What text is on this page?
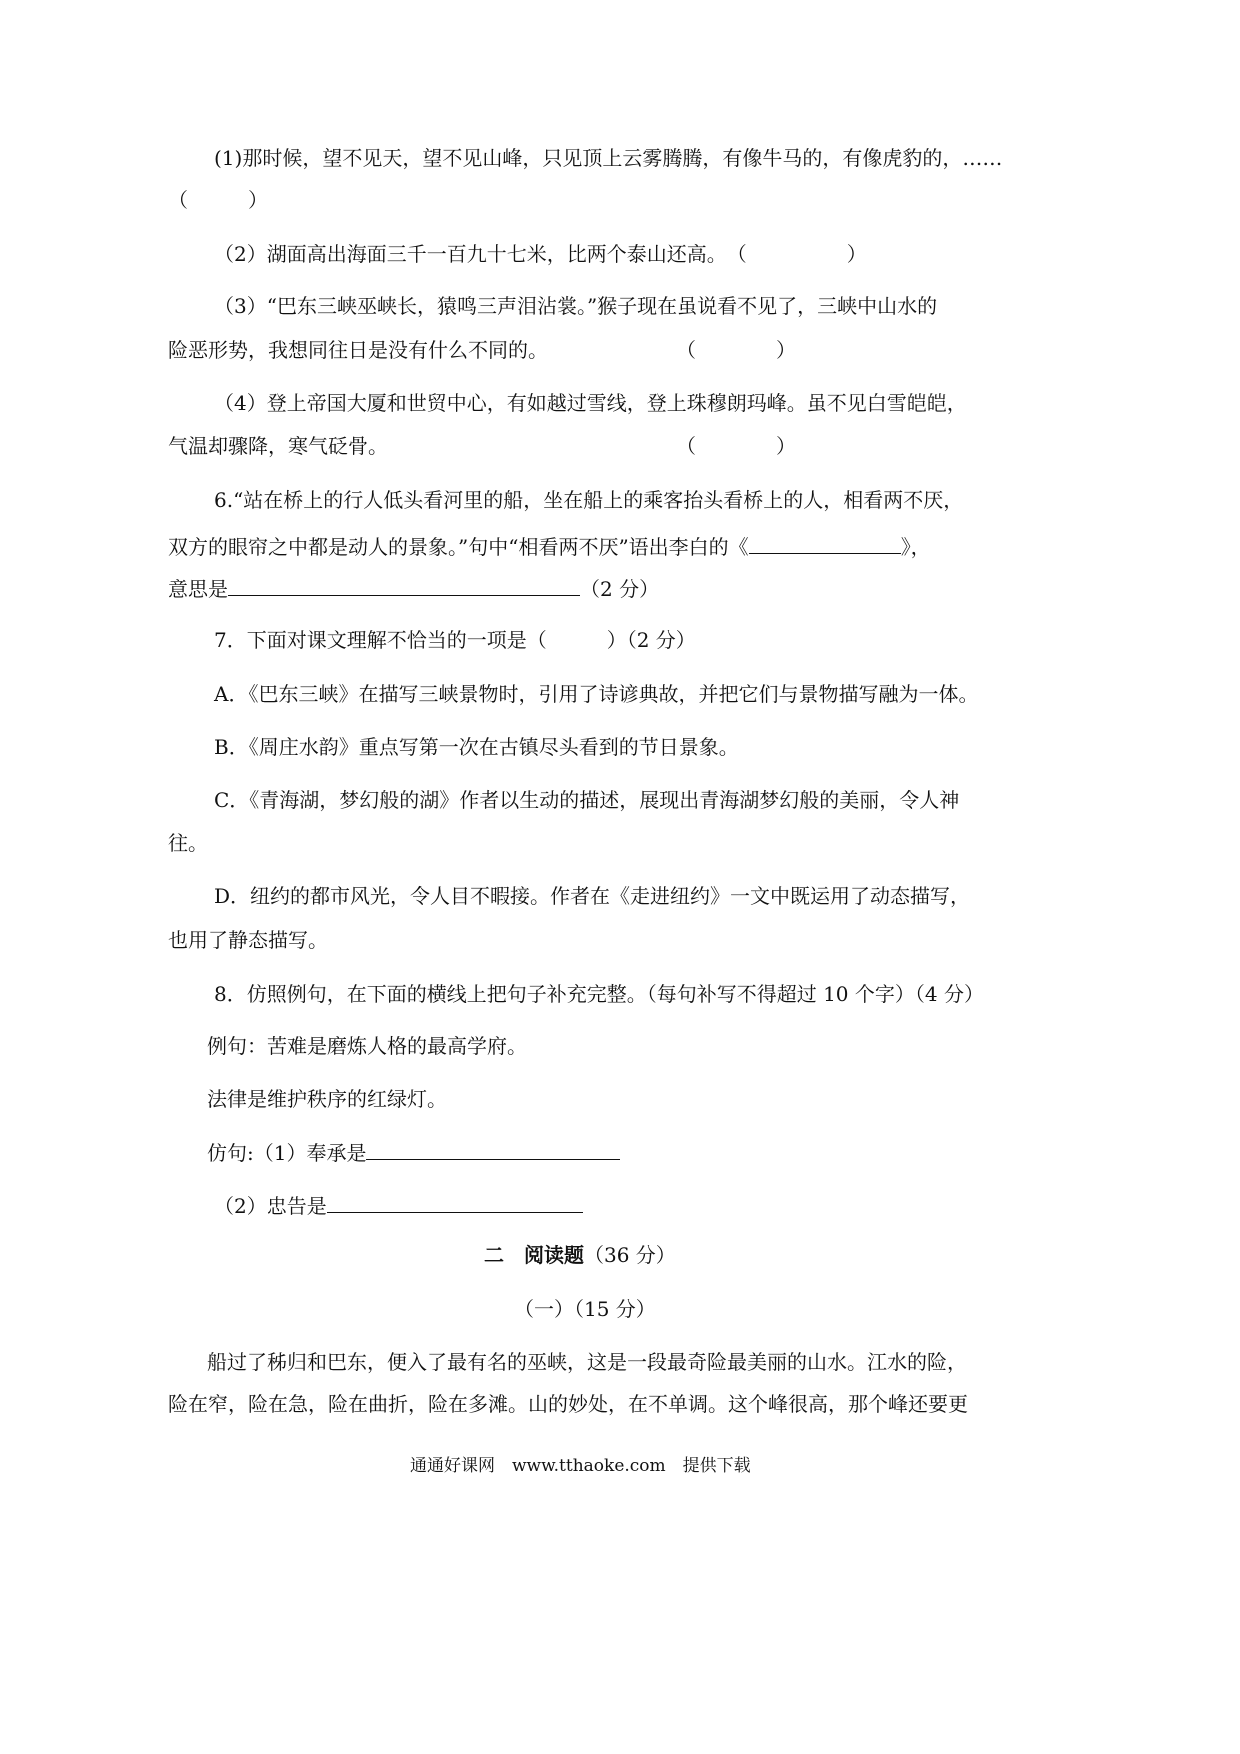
(1)那时候，望不见天，望不见山峰，只见顶上云雾腾腾，有像牛马的，有像虎豹的，……
（　　　）
（2）湖面高出海面三千一百九十七米，比两个泰山还高。　（　　　　　）
（3）“巴东三峡巫峡长，猿鸣三声泪沾裳。”猴子现在虽说看不见了，三峡中山水的
险恶形势，我想同往日是没有什么不同的。	（　　　　）
（4）登上帝国大厦和世贸中心，有如越过雪线，登上珠穆朗玛峰。虽不见白雪皑皑，
气温却骤降，寒气砭骨。	（　　　　）
6.“站在桥上的行人低头看河里的船，坐在船上的乘客抬头看桥上的人，相看两不厌，
双方的眼帘之中都是动人的景象。”句中“相看两不厌”语出李白的《	》，
意思是	（2 分）
7．下面对课文理解不恰当的一项是（　　　）（2 分）
A．《巴东三峡》在描写三峡景物时，引用了诗谚典故，并把它们与景物描写融为一体。
B．《周庄水韵》重点写第一次在古镇尽头看到的节日景象。
C．《青海湖，梦幻般的湖》作者以生动的描述，展现出青海湖梦幻般的美丽，令人神
往。
D．纽约的都市风光，令人目不暇接。作者在《走进纽约》一文中既运用了动态描写，
也用了静态描写。
8．仿照例句，在下面的横线上把句子补充完整。（每句补写不得超过 10 个字）（4 分）
例句：苦难是磨炼人格的最高学府。
法律是维护秩序的红绿灯。
仿句:（1）奉承是
（2）忠告是
二　阅读题（36 分）
（一）（15 分）
船过了秭归和巴东，便入了最有名的巫峡，这是一段最奇险最美丽的山水。江水的险，
险在窄，险在急，险在曲折，险在多滩。山的妙处，在不单调。这个峰很高，那个峰还要更
通通好课网　www.tthaoke.com　提供下载
